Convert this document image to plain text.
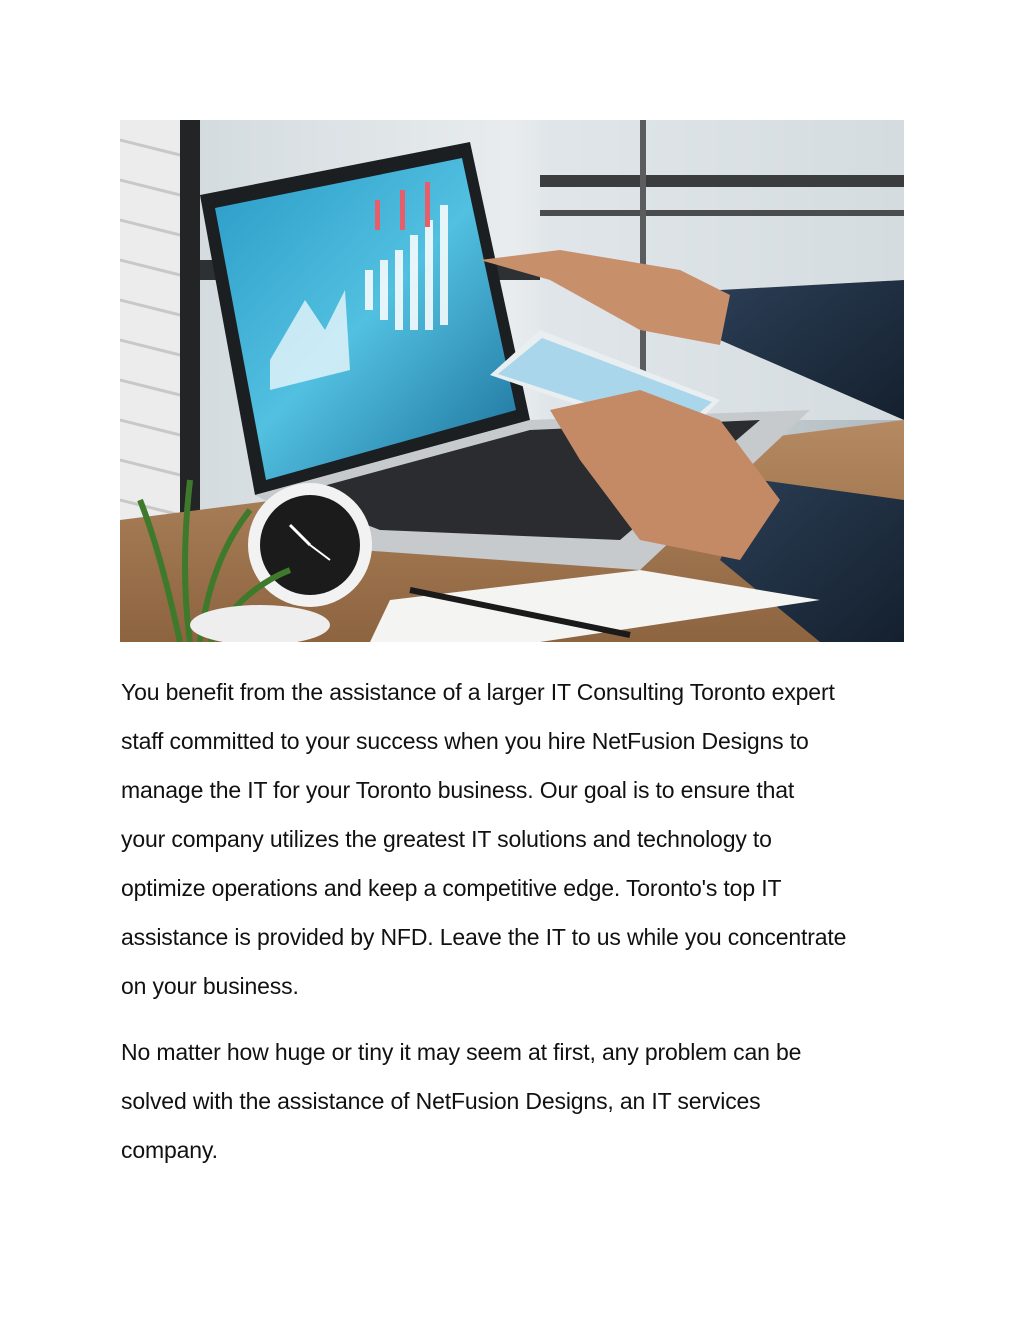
You benefit from the assistance of a larger IT Consulting Toronto expert
staff committed to your success when you hire NetFusion Designs to
manage the IT for your Toronto business. Our goal is to ensure that
your company utilizes the greatest IT solutions and technology to
optimize operations and keep a competitive edge. Toronto's top IT
assistance is provided by NFD. Leave the IT to us while you concentrate
on your business.

No matter how huge or tiny it may seem at first, any problem can be
solved with the assistance of NetFusion Designs, an IT services
company.
